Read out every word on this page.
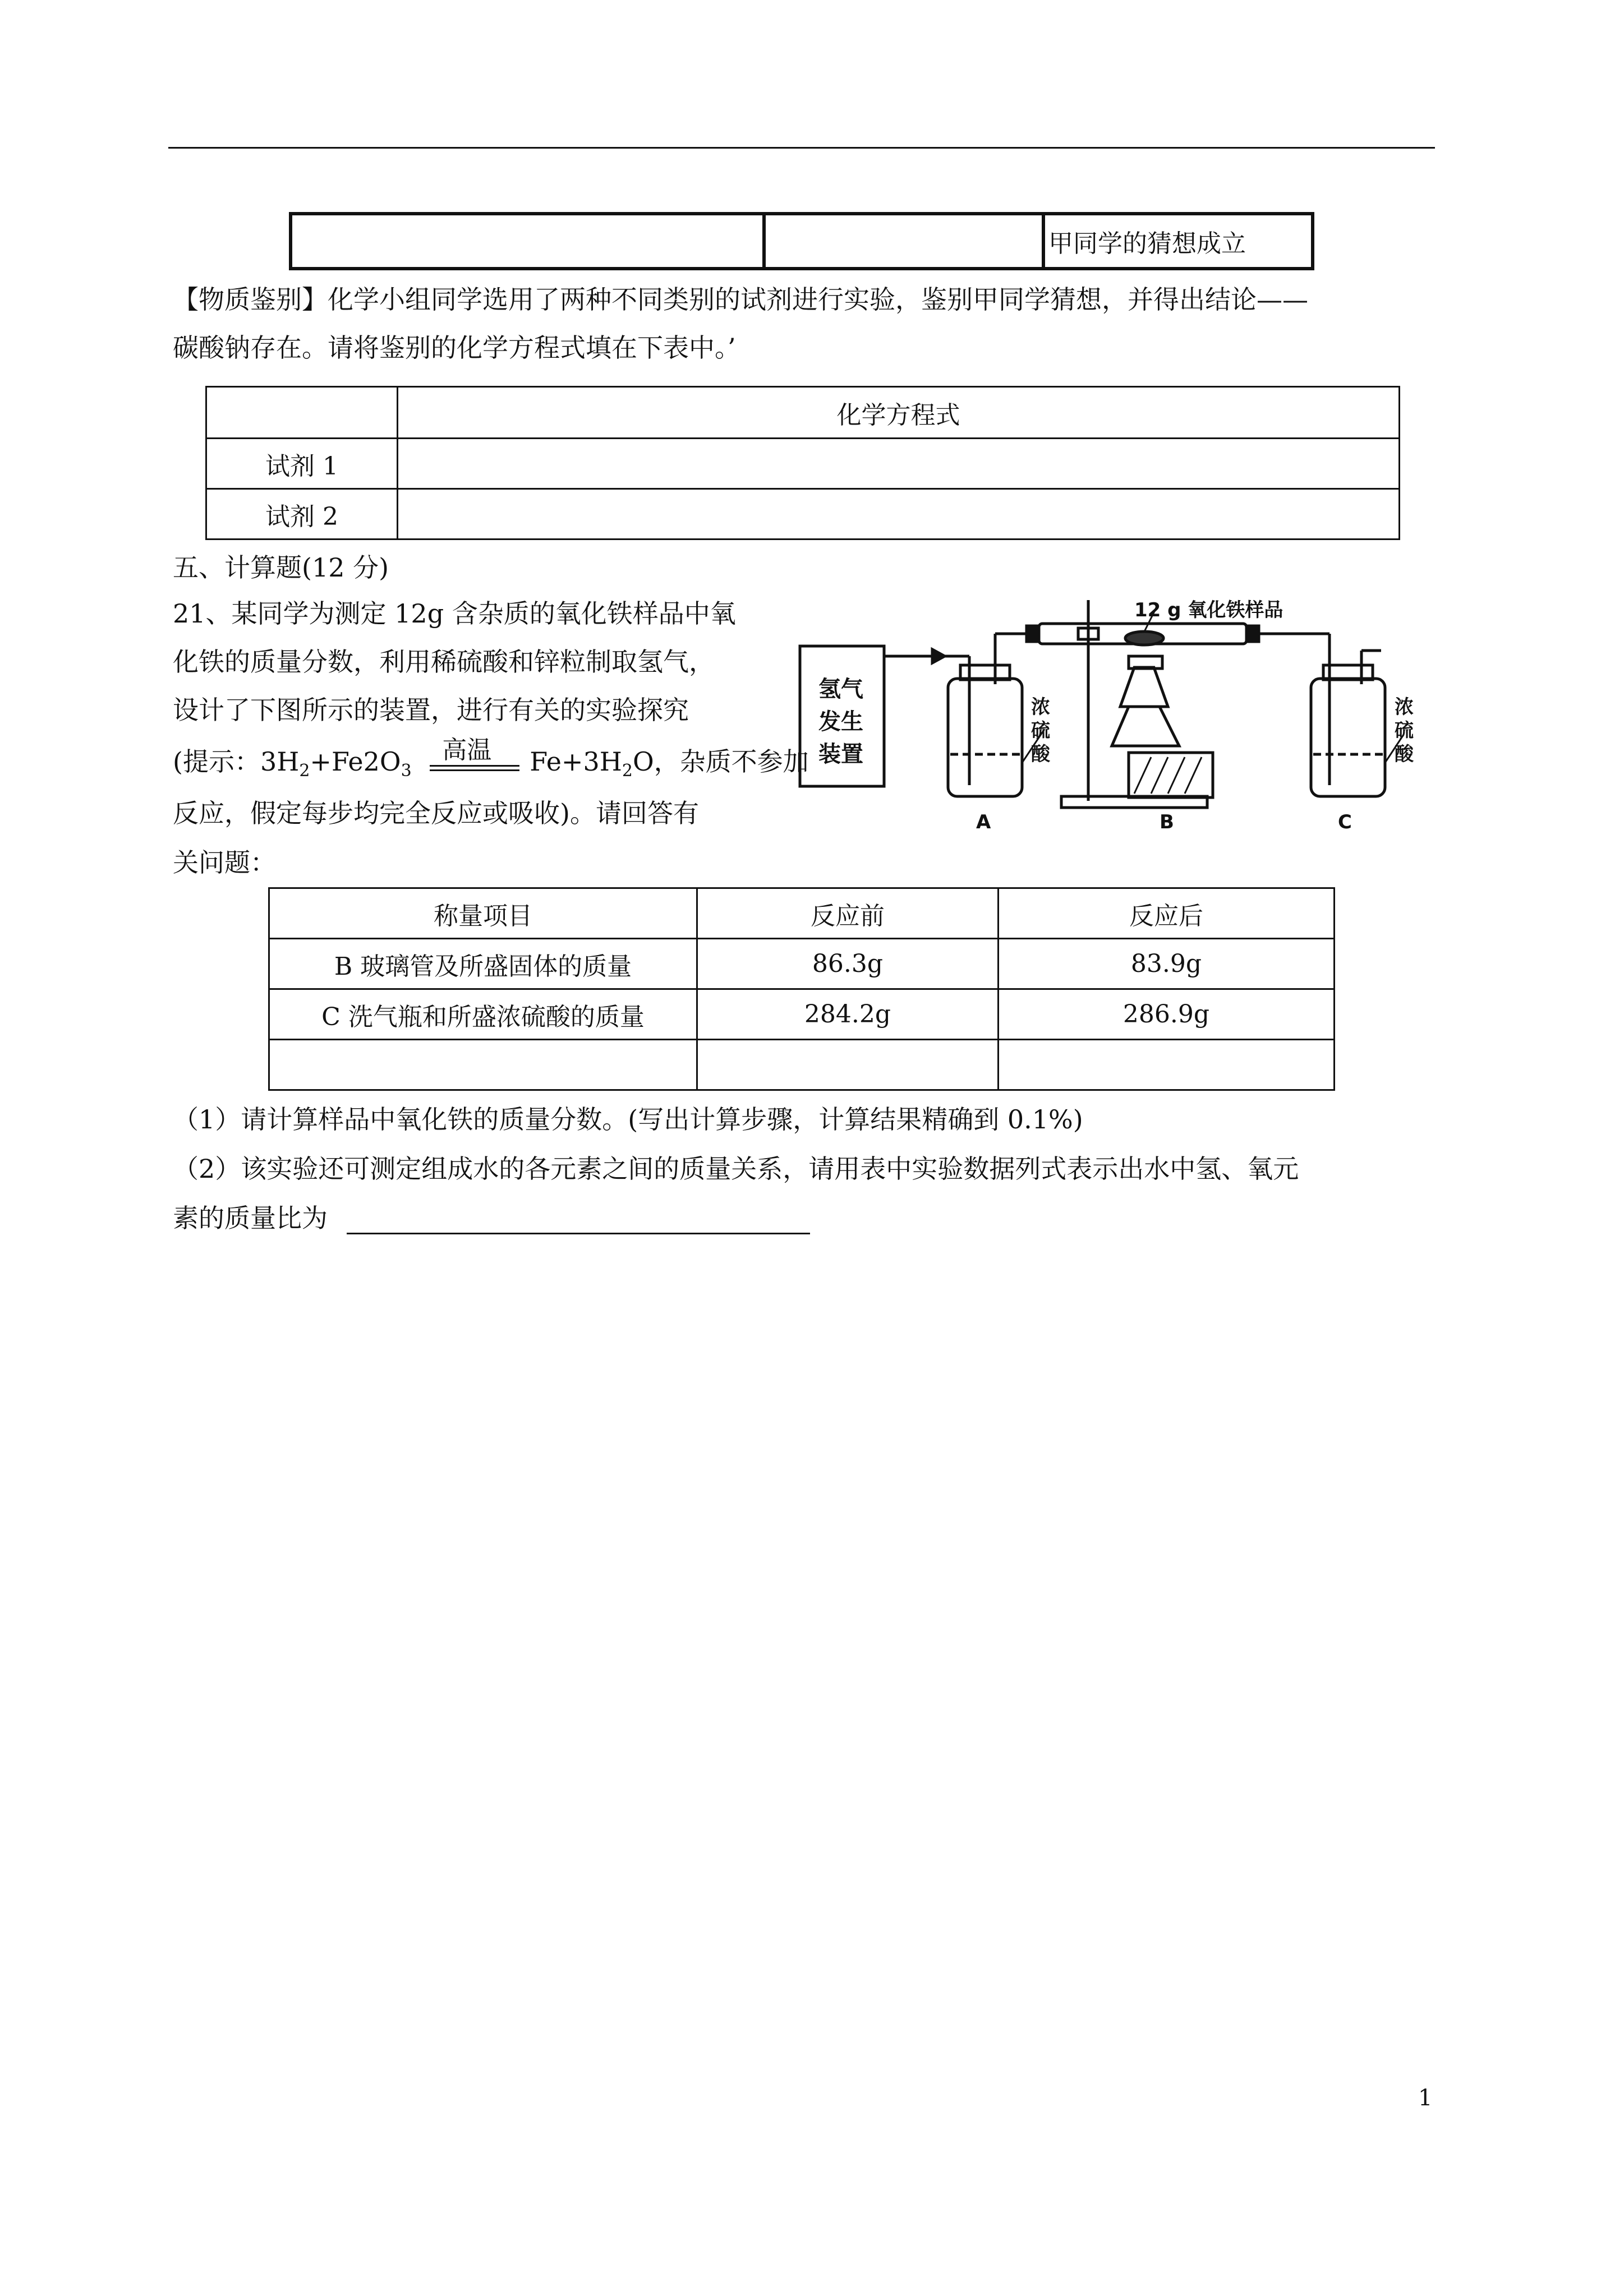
		甲同学的猜想成立
【物质鉴别】化学小组同学选用了两种不同类别的试剂进行实验，鉴别甲同学猜想，并得出结论——
碳酸钠存在。请将鉴别的化学方程式填在下表中。’
	化学方程式
试剂 1	
试剂 2	
五、计算题(12 分)
21、某同学为测定 12g 含杂质的氧化铁样品中氧
化铁的质量分数，利用稀硫酸和锌粒制取氢气，
设计了下图所示的装置，进行有关的实验探究
(提示：$3H_2+Fe2O_3$
高温 $Fe+3H_2O$，杂质不参加
反应，假定每步均完全反应或吸收)。请回答有
关问题：
氢气发生装置
12 g 氧化铁样品
浓硫酸
浓硫酸
A	B	C
称量项目	反应前	反应后
B 玻璃管及所盛固体的质量	86.3g	83.9g
C 洗气瓶和所盛浓硫酸的质量	284.2g	286.9g

（1）请计算样品中氧化铁的质量分数。(写出计算步骤，计算结果精确到 0.1%)
（2）该实验还可测定组成水的各元素之间的质量关系，请用表中实验数据列式表示出水中氢、氧元
素的质量比为
1
